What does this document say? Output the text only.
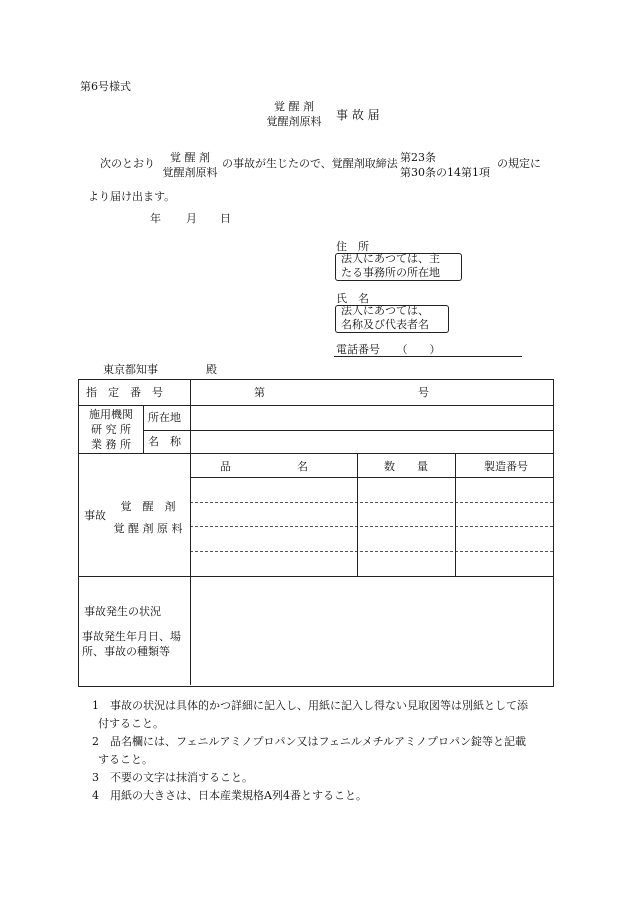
第6号様式
覚 醒 剤
覚醒剤原料	事 故 届
次のとおり	覚 醒 剤
覚醒剤原料
の事故が生じたので、覚醒剤取締法 第23条
第30条の14第1項
の規定に
より届け出ます。
年 月 日
住　所
法人にあつては、主
たる事務所の所在地
氏　名
法人にあつては、
名称及び代表者名
電話番号　　（　　）
東京都知事	殿
指　定　番　号	第	号
施用機関
研 究 所
業 務 所
所在地
名　称
品　　　　　　名	数　　量	製造番号
事故
覚　醒　剤
覚 醒 剤 原 料
事故発生の状況
事故発生年月日、場
所、事故の種類等
1　 事故の状況は具体的かつ詳細に記入し、用紙に記入し得ない見取図等は別紙として添
付すること。
2　 品名欄には、フェニルアミノプロパン又はフェニルメチルアミノプロパン錠等と記載
すること。
3　 不要の文字は抹消すること。
4　 用紙の大きさは、日本産業規格A列4番とすること。
